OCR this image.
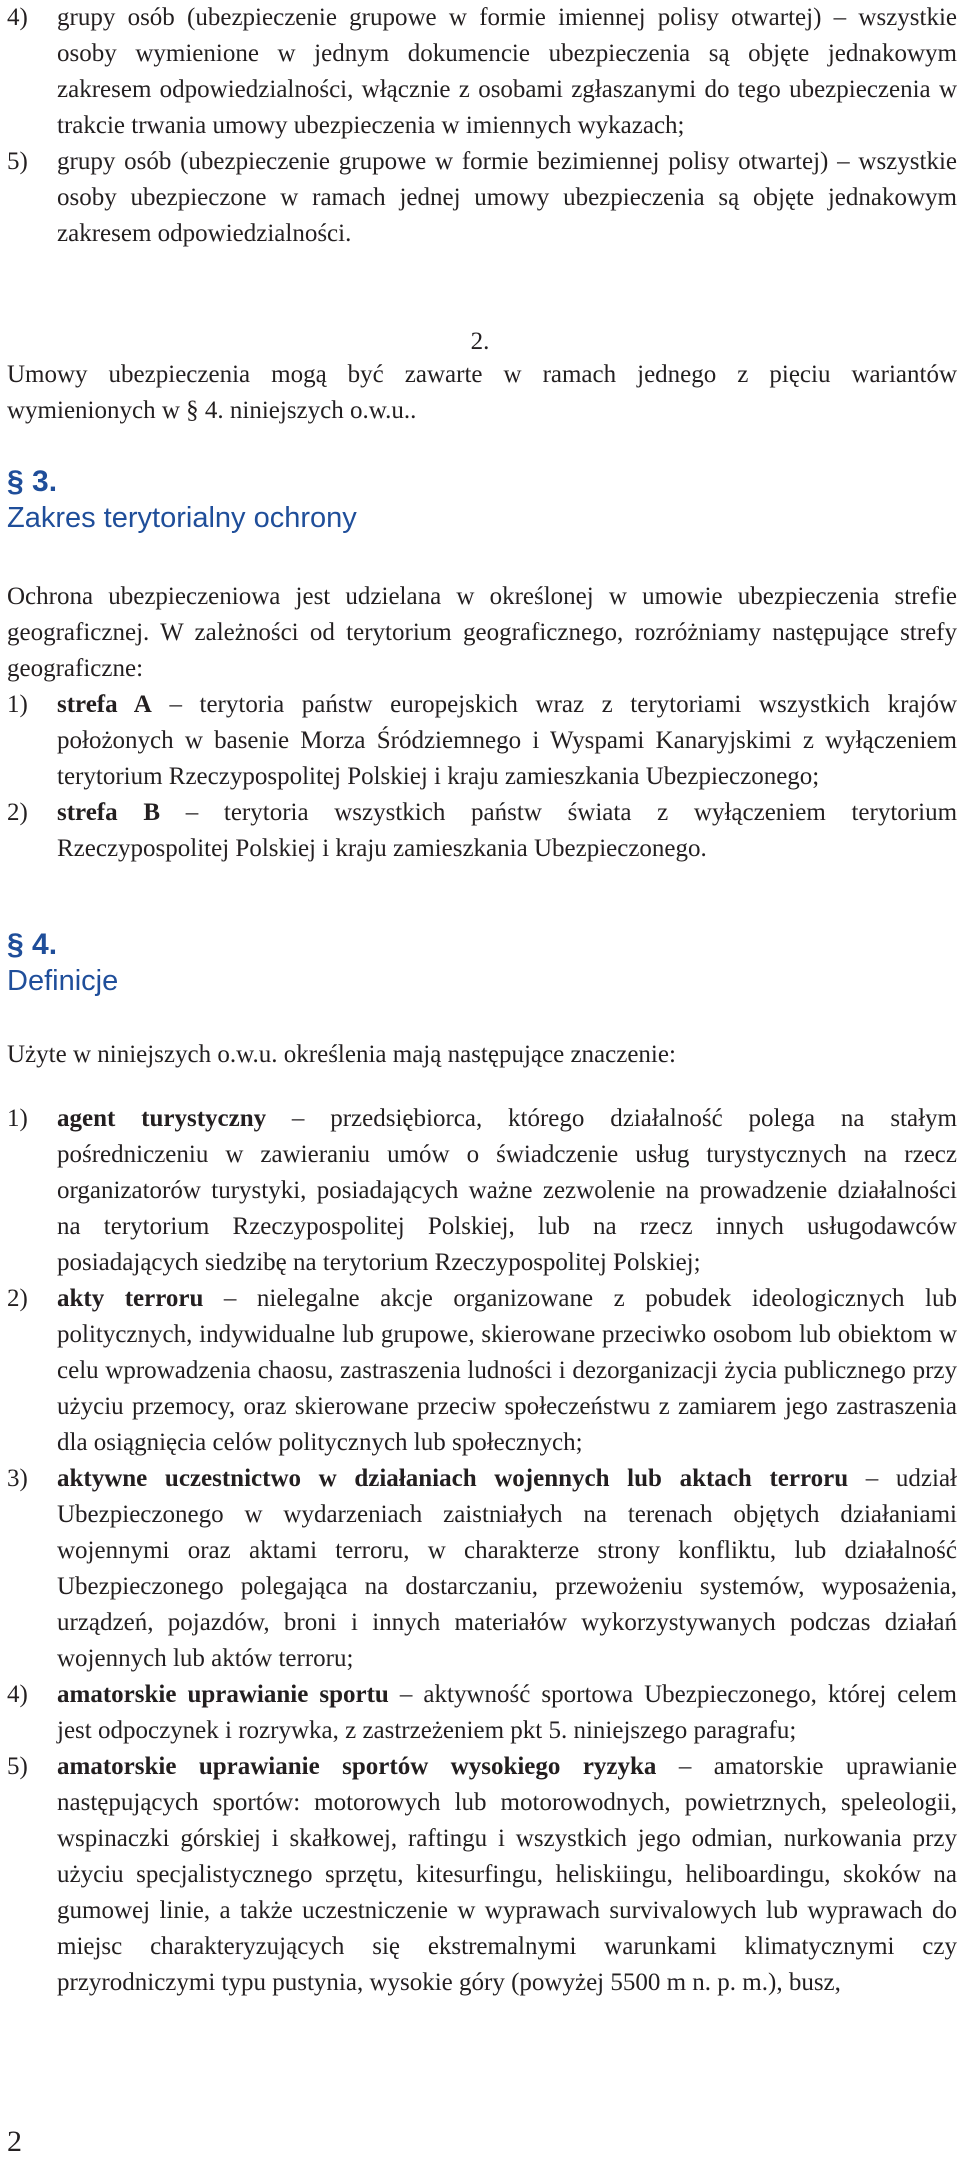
4)	grupy osób (ubezpieczenie grupowe w formie imiennej polisy otwartej) – wszystkie osoby wymienione w jednym dokumencie ubezpieczenia są objęte jednakowym zakresem odpowiedzialności, włącznie z osobami zgłaszanymi do tego ubezpieczenia w trakcie trwania umowy ubezpieczenia w imiennych wykazach;
5)	grupy osób (ubezpieczenie grupowe w formie bezimiennej polisy otwartej) – wszystkie osoby ubezpieczone w ramach jednej umowy ubezpieczenia są objęte jednakowym zakresem odpowiedzialności.
2.
Umowy ubezpieczenia mogą być zawarte w ramach jednego z pięciu wariantów wymienionych w § 4. niniejszych o.w.u..
§ 3.
Zakres terytorialny ochrony
Ochrona ubezpieczeniowa jest udzielana w określonej w umowie ubezpieczenia strefie geograficznej. W zależności od terytorium geograficznego, rozróżniamy następujące strefy geograficzne:
1)	strefa A – terytoria państw europejskich wraz z terytoriami wszystkich krajów położonych w basenie Morza Śródziemnego i Wyspami Kanaryjskimi z wyłączeniem terytorium Rzeczypospolitej Polskiej i kraju zamieszkania Ubezpieczonego;
2)	strefa B – terytoria wszystkich państw świata z wyłączeniem terytorium Rzeczypospolitej Polskiej i kraju zamieszkania Ubezpieczonego.
§ 4.
Definicje
Użyte w niniejszych o.w.u. określenia mają następujące znaczenie:
1)	agent turystyczny – przedsiębiorca, którego działalność polega na stałym pośredniczeniu w zawieraniu umów o świadczenie usług turystycznych na rzecz organizatorów turystyki, posiadających ważne zezwolenie na prowadzenie działalności na terytorium Rzeczypospolitej Polskiej, lub na rzecz innych usługodawców posiadających siedzibę na terytorium Rzeczypospolitej Polskiej;
2)	akty terroru – nielegalne akcje organizowane z pobudek ideologicznych lub politycznych, indywidualne lub grupowe, skierowane przeciwko osobom lub obiektom w celu wprowadzenia chaosu, zastraszenia ludności i dezorganizacji życia publicznego przy użyciu przemocy, oraz skierowane przeciw społeczeństwu z zamiarem jego zastraszenia dla osiągnięcia celów politycznych lub społecznych;
3)	aktywne uczestnictwo w działaniach wojennych lub aktach terroru – udział Ubezpieczonego w wydarzeniach zaistniałych na terenach objętych działaniami wojennymi oraz aktami terroru, w charakterze strony konfliktu, lub działalność Ubezpieczonego polegająca na dostarczaniu, przewożeniu systemów, wyposażenia, urządzeń, pojazdów, broni i innych materiałów wykorzystywanych podczas działań wojennych lub aktów terroru;
4)	amatorskie uprawianie sportu – aktywność sportowa Ubezpieczonego, której celem jest odpoczynek i rozrywka, z zastrzeżeniem pkt 5. niniejszego paragrafu;
5)	amatorskie uprawianie sportów wysokiego ryzyka – amatorskie uprawianie następujących sportów: motorowych lub motorowodnych, powietrznych, speleologii, wspinaczki górskiej i skałkowej, raftingu i wszystkich jego odmian, nurkowania przy użyciu specjalistycznego sprzętu, kitesurfingu, heliskiingu, heliboardingu, skoków na gumowej linie, a także uczestniczenie w wyprawach survivalowych lub wyprawach do miejsc charakteryzujących się ekstremalnymi warunkami klimatycznymi czy przyrodniczymi typu pustynia, wysokie góry (powyżej 5500 m n. p. m.), busz,
2
